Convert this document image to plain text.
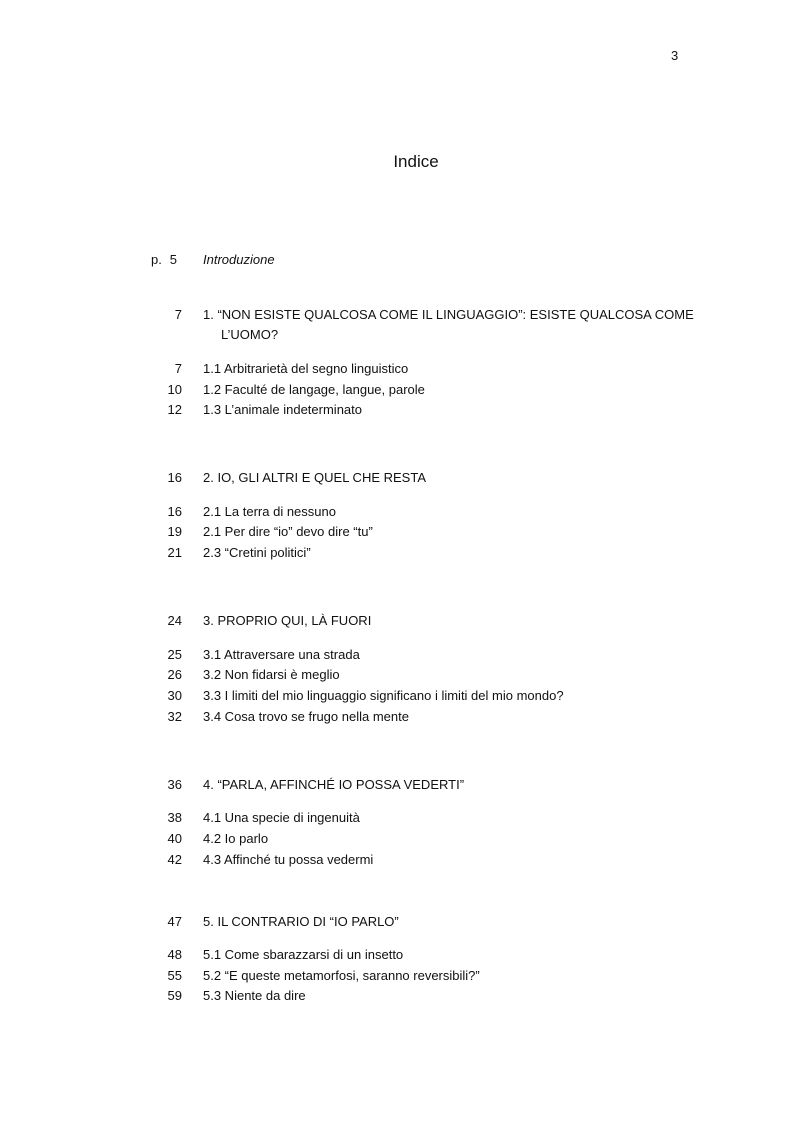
3
Indice
p. 5 Introduzione
7 1. “NON ESISTE QUALCOSA COME IL LINGUAGGIO”: ESISTE QUALCOSA COME
L’UOMO?
7 1.1 Arbitrarietà del segno linguistico
10 1.2 Faculté de langage, langue, parole
12 1.3 L’animale indeterminato
16 2. IO, GLI ALTRI E QUEL CHE RESTA
16 2.1 La terra di nessuno
19 2.1 Per dire “io” devo dire “tu”
21 2.3 “Cretini politici”
24 3. PROPRIO QUI, LÀ FUORI
25 3.1 Attraversare una strada
26 3.2 Non fidarsi è meglio
30 3.3 I limiti del mio linguaggio significano i limiti del mio mondo?
32 3.4 Cosa trovo se frugo nella mente
36 4. “PARLA, AFFINCHÉ IO POSSA VEDERTI”
38 4.1 Una specie di ingenuità
40 4.2 Io parlo
42 4.3 Affinché tu possa vedermi
47 5. IL CONTRARIO DI “IO PARLO”
48 5.1 Come sbarazzarsi di un insetto
55 5.2 “E queste metamorfosi, saranno reversibili?”
59 5.3 Niente da dire
